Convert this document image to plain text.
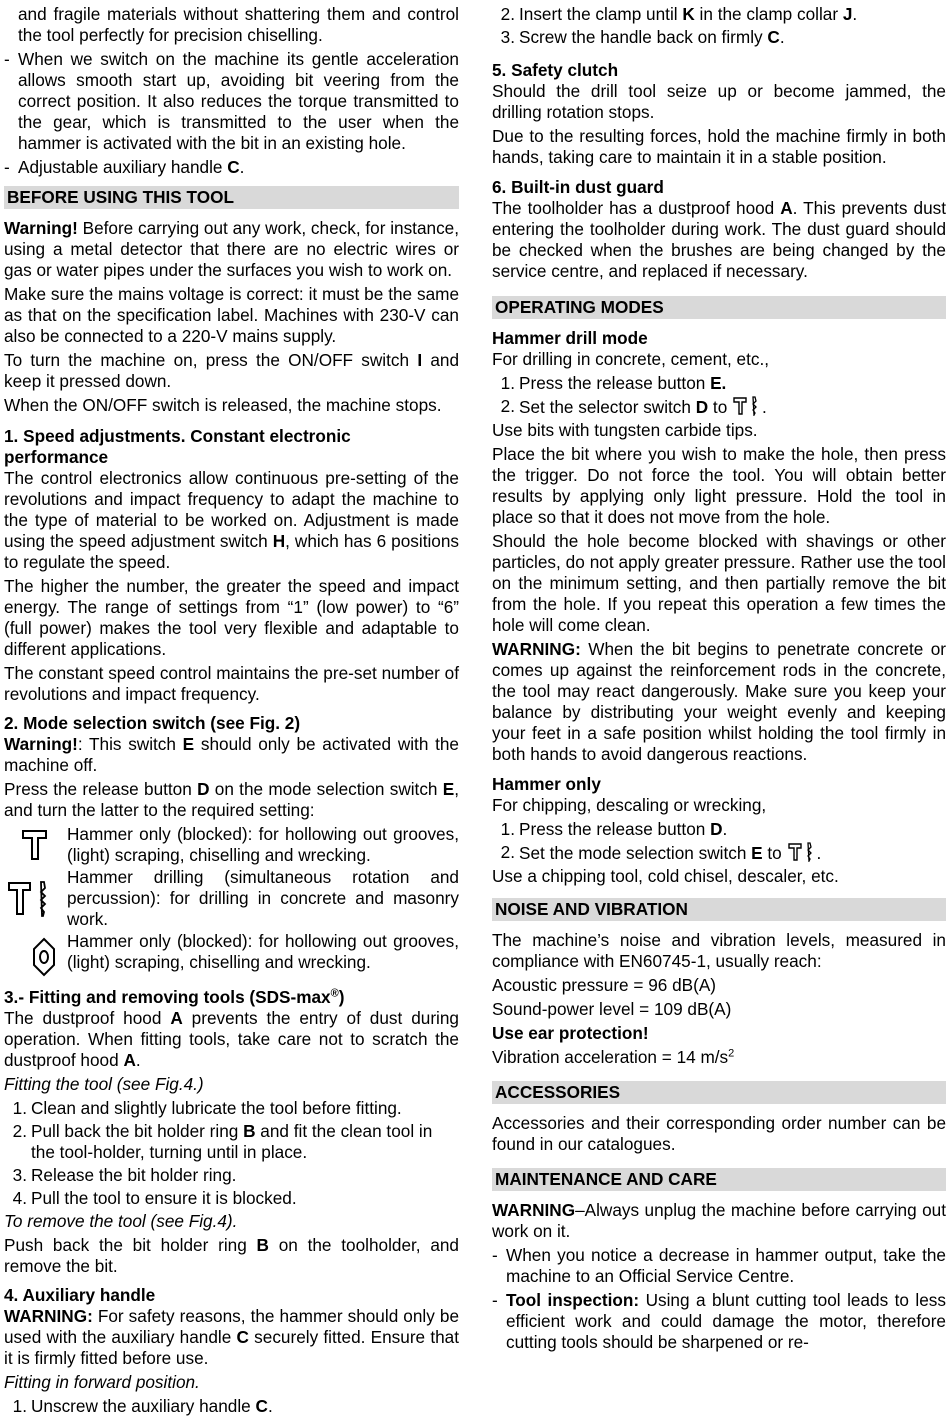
and fragile materials without shattering them and control the tool perfectly for precision chiselling.

- When we switch on the machine its gentle acceleration allows smooth start up, avoiding bit veering from the correct position. It also reduces the torque transmitted to the gear, which is transmitted to the user when the hammer is activated with the bit in an existing hole.
- Adjustable auxiliary handle C.
BEFORE USING THIS TOOL

Warning! Before carrying out any work, check, for instance, using a metal detector that there are no electric wires or gas or water pipes under the surfaces you wish to work on.

Make sure the mains voltage is correct: it must be the same as that on the specification label. Machines with 230-V can also be connected to a 220-V mains supply.

To turn the machine on, press the ON/OFF switch I and keep it pressed down.

When the ON/OFF switch is released, the machine stops.

1. Speed adjustments. Constant electronic performance

The control electronics allow continuous pre-setting of the revolutions and impact frequency to adapt the machine to the type of material to be worked on. Adjustment is made using the speed adjustment switch H, which has 6 positions to regulate the speed.

The higher the number, the greater the speed and impact energy. The range of settings from “1” (low power) to “6” (full power) makes the tool very flexible and adaptable to different applications.

The constant speed control maintains the pre-set number of revolutions and impact frequency.

2. Mode selection switch (see Fig. 2)

Warning!: This switch E should only be activated with the machine off.

Press the release button D on the mode selection switch E, and turn the latter to the required setting:

Hammer only (blocked): for hollowing out grooves, (light) scraping, chiselling and wrecking.
Hammer drilling (simultaneous rotation and percussion): for drilling in concrete and masonry work.
Hammer only (blocked): for hollowing out grooves, (light) scraping, chiselling and wrecking.
3.- Fitting and removing tools (SDS-max®)

The dustproof hood A prevents the entry of dust during operation. When fitting tools, take care not to scratch the dustproof hood A.

Fitting the tool (see Fig.4.)

1. Clean and slightly lubricate the tool before fitting.
2. Pull back the bit holder ring B and fit the clean tool in the tool-holder, turning until in place.
3. Release the bit holder ring.
4. Pull the tool to ensure it is blocked.

To remove the tool (see Fig.4).

Push back the bit holder ring B on the toolholder, and remove the bit.

4. Auxiliary handle

WARNING: For safety reasons, the hammer should only be used with the auxiliary handle C securely fitted. Ensure that it is firmly fitted before use.

Fitting in forward position.

1. Unscrew the auxiliary handle C.
2. Insert the clamp until K in the clamp collar J.
3. Screw the handle back on firmly C.
5. Safety clutch

Should the drill tool seize up or become jammed, the drilling rotation stops.

Due to the resulting forces, hold the machine firmly in both hands, taking care to maintain it in a stable position.

6. Built-in dust guard

The toolholder has a dustproof hood A. This prevents dust entering the toolholder during work. The dust guard should be checked when the brushes are being changed by the service centre, and replaced if necessary.

OPERATING MODES
Hammer drill mode

For drilling in concrete, cement, etc.,

1. Press the release button E.
2. Set the selector switch D to .

Use bits with tungsten carbide tips.

Place the bit where you wish to make the hole, then press the trigger. Do not force the tool. You will obtain better results by applying only light pressure. Hold the tool in place so that it does not move from the hole.

Should the hole become blocked with shavings or other particles, do not apply greater pressure. Rather use the tool on the minimum setting, and then partially remove the bit from the hole. If you repeat this operation a few times the hole will come clean.

WARNING: When the bit begins to penetrate concrete or comes up against the reinforcement rods in the concrete, the tool may react dangerously. Make sure you keep your balance by distributing your weight evenly and keeping your feet in a safe position whilst holding the tool firmly in both hands to avoid dangerous reactions.

Hammer only

For chipping, descaling or wrecking,

1. Press the release button D.
2. Set the mode selection switch E to .

Use a chipping tool, cold chisel, descaler, etc.

NOISE AND VIBRATION

The machine’s noise and vibration levels, measured in compliance with EN60745-1, usually reach:

Acoustic pressure = 96 dB(A)

Sound-power level = 109 dB(A)

Use ear protection!

Vibration acceleration = 14 $m/s^2$

ACCESSORIES

Accessories and their corresponding order number can be found in our catalogues.

MAINTENANCE AND CARE

WARNING–Always unplug the machine before carrying out work on it.

- When you notice a decrease in hammer output, take the machine to an Official Service Centre.
- Tool inspection: Using a blunt cutting tool leads to less efficient work and could damage the motor, therefore cutting tools should be sharpened or re-
